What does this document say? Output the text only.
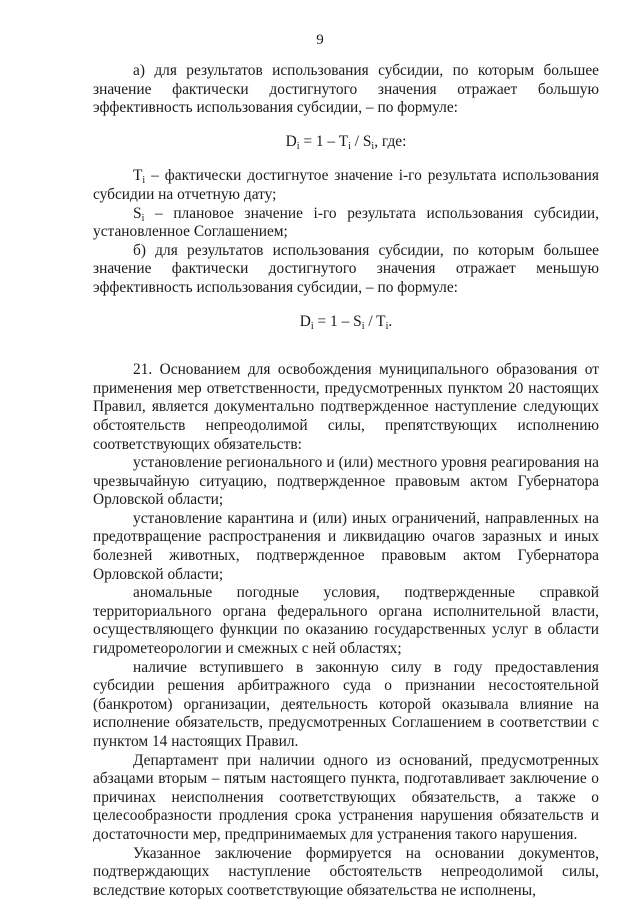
9

а) для результатов использования субсидии, по которым большее значение фактически достигнутого значения отражает большую эффективность использования субсидии, – по формуле:

$D_i = 1 - T_i / S_i$, где:

$T_i$ – фактически достигнутое значение i-го результата использования субсидии на отчетную дату;

$S_i$ – плановое значение i-го результата использования субсидии, установленное Соглашением;

б) для результатов использования субсидии, по которым большее значение фактически достигнутого значения отражает меньшую эффективность использования субсидии, – по формуле:

$D_i = 1 - S_i / T_i$.

21. Основанием для освобождения муниципального образования от применения мер ответственности, предусмотренных пунктом 20 настоящих Правил, является документально подтвержденное наступление следующих обстоятельств непреодолимой силы, препятствующих исполнению соответствующих обязательств:

установление регионального и (или) местного уровня реагирования на чрезвычайную ситуацию, подтвержденное правовым актом Губернатора Орловской области;

установление карантина и (или) иных ограничений, направленных на предотвращение распространения и ликвидацию очагов заразных и иных болезней животных, подтвержденное правовым актом Губернатора Орловской области;

аномальные погодные условия, подтвержденные справкой территориального органа федерального органа исполнительной власти, осуществляющего функции по оказанию государственных услуг в области гидрометеорологии и смежных с ней областях;

наличие вступившего в законную силу в году предоставления субсидии решения арбитражного суда о признании несостоятельной (банкротом) организации, деятельность которой оказывала влияние на исполнение обязательств, предусмотренных Соглашением в соответствии с пунктом 14 настоящих Правил.

Департамент при наличии одного из оснований, предусмотренных абзацами вторым – пятым настоящего пункта, подготавливает заключение о причинах неисполнения соответствующих обязательств, а также о целесообразности продления срока устранения нарушения обязательств и достаточности мер, предпринимаемых для устранения такого нарушения.

Указанное заключение формируется на основании документов, подтверждающих наступление обстоятельств непреодолимой силы, вследствие которых соответствующие обязательства не исполнены,
